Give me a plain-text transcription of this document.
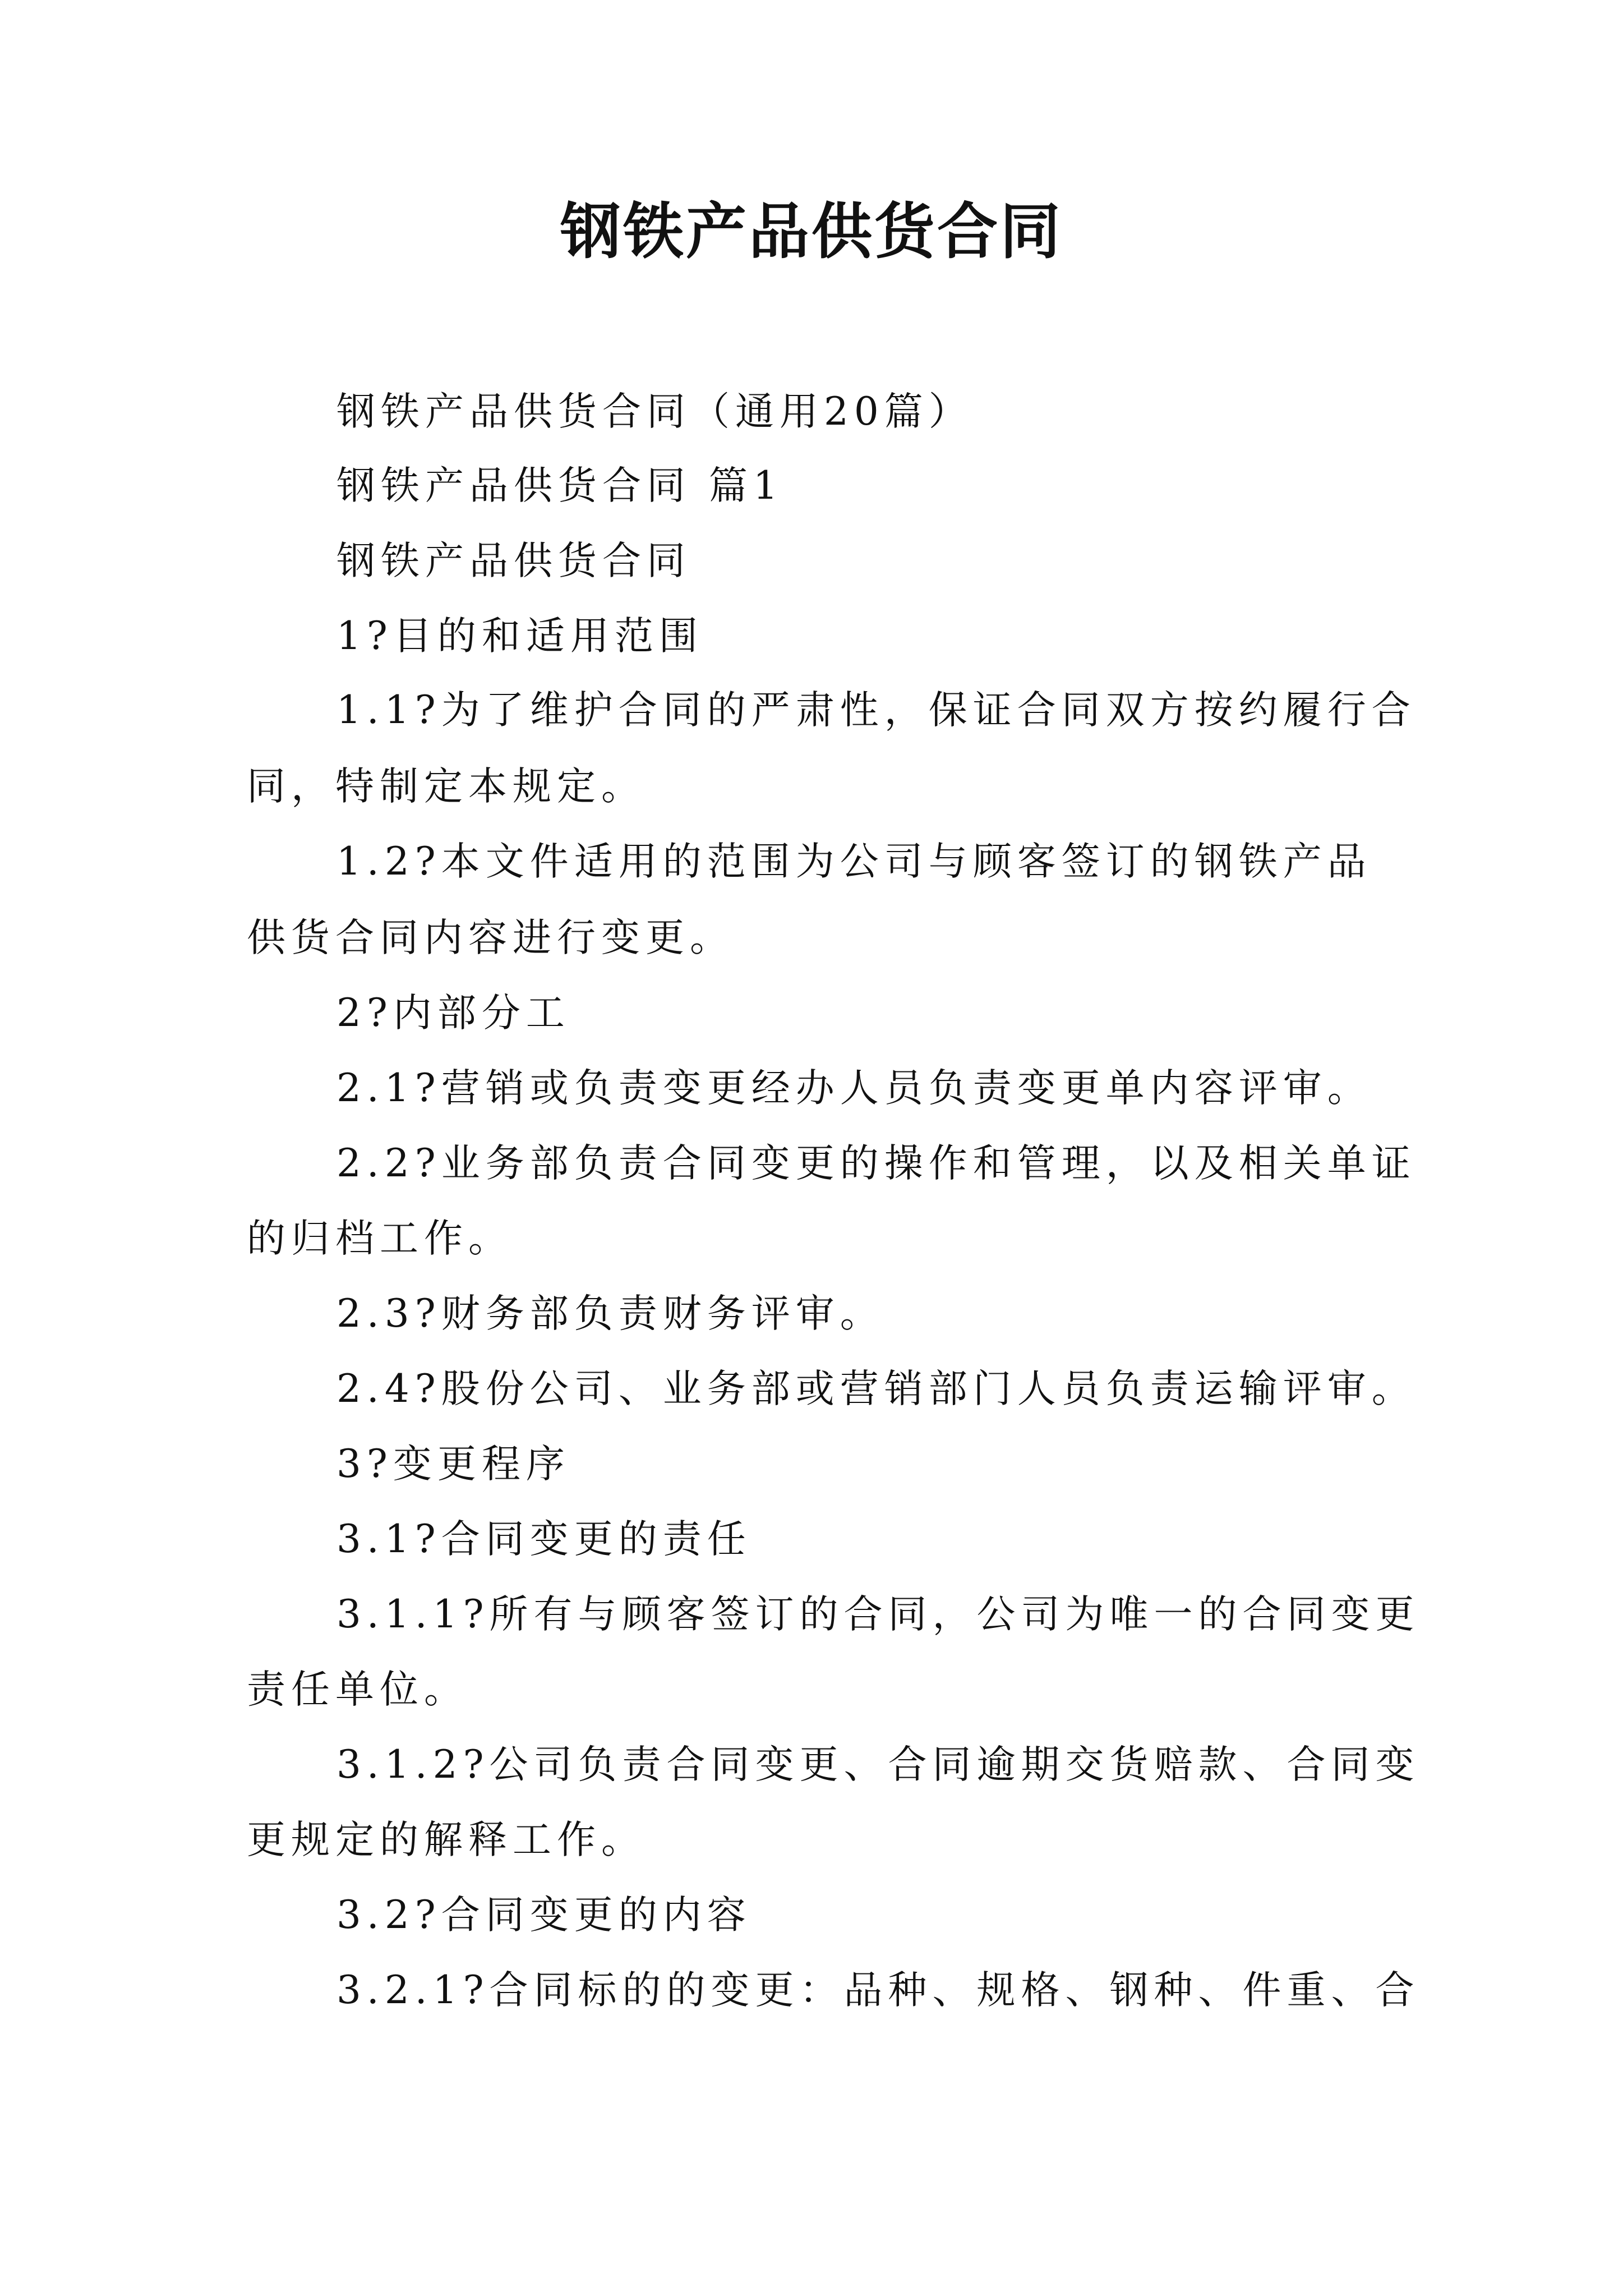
钢铁产品供货合同
钢铁产品供货合同（通用20篇）
钢铁产品供货合同 篇1
钢铁产品供货合同
1?目的和适用范围
1.1?为了维护合同的严肃性，保证合同双方按约履行合
同，特制定本规定。
1.2?本文件适用的范围为公司与顾客签订的钢铁产品
供货合同内容进行变更。
2?内部分工
2.1?营销或负责变更经办人员负责变更单内容评审。
2.2?业务部负责合同变更的操作和管理，以及相关单证
的归档工作。
2.3?财务部负责财务评审。
2.4?股份公司、业务部或营销部门人员负责运输评审。
3?变更程序
3.1?合同变更的责任
3.1.1?所有与顾客签订的合同，公司为唯一的合同变更
责任单位。
3.1.2?公司负责合同变更、合同逾期交货赔款、合同变
更规定的解释工作。
3.2?合同变更的内容
3.2.1?合同标的的变更：品种、规格、钢种、件重、合
